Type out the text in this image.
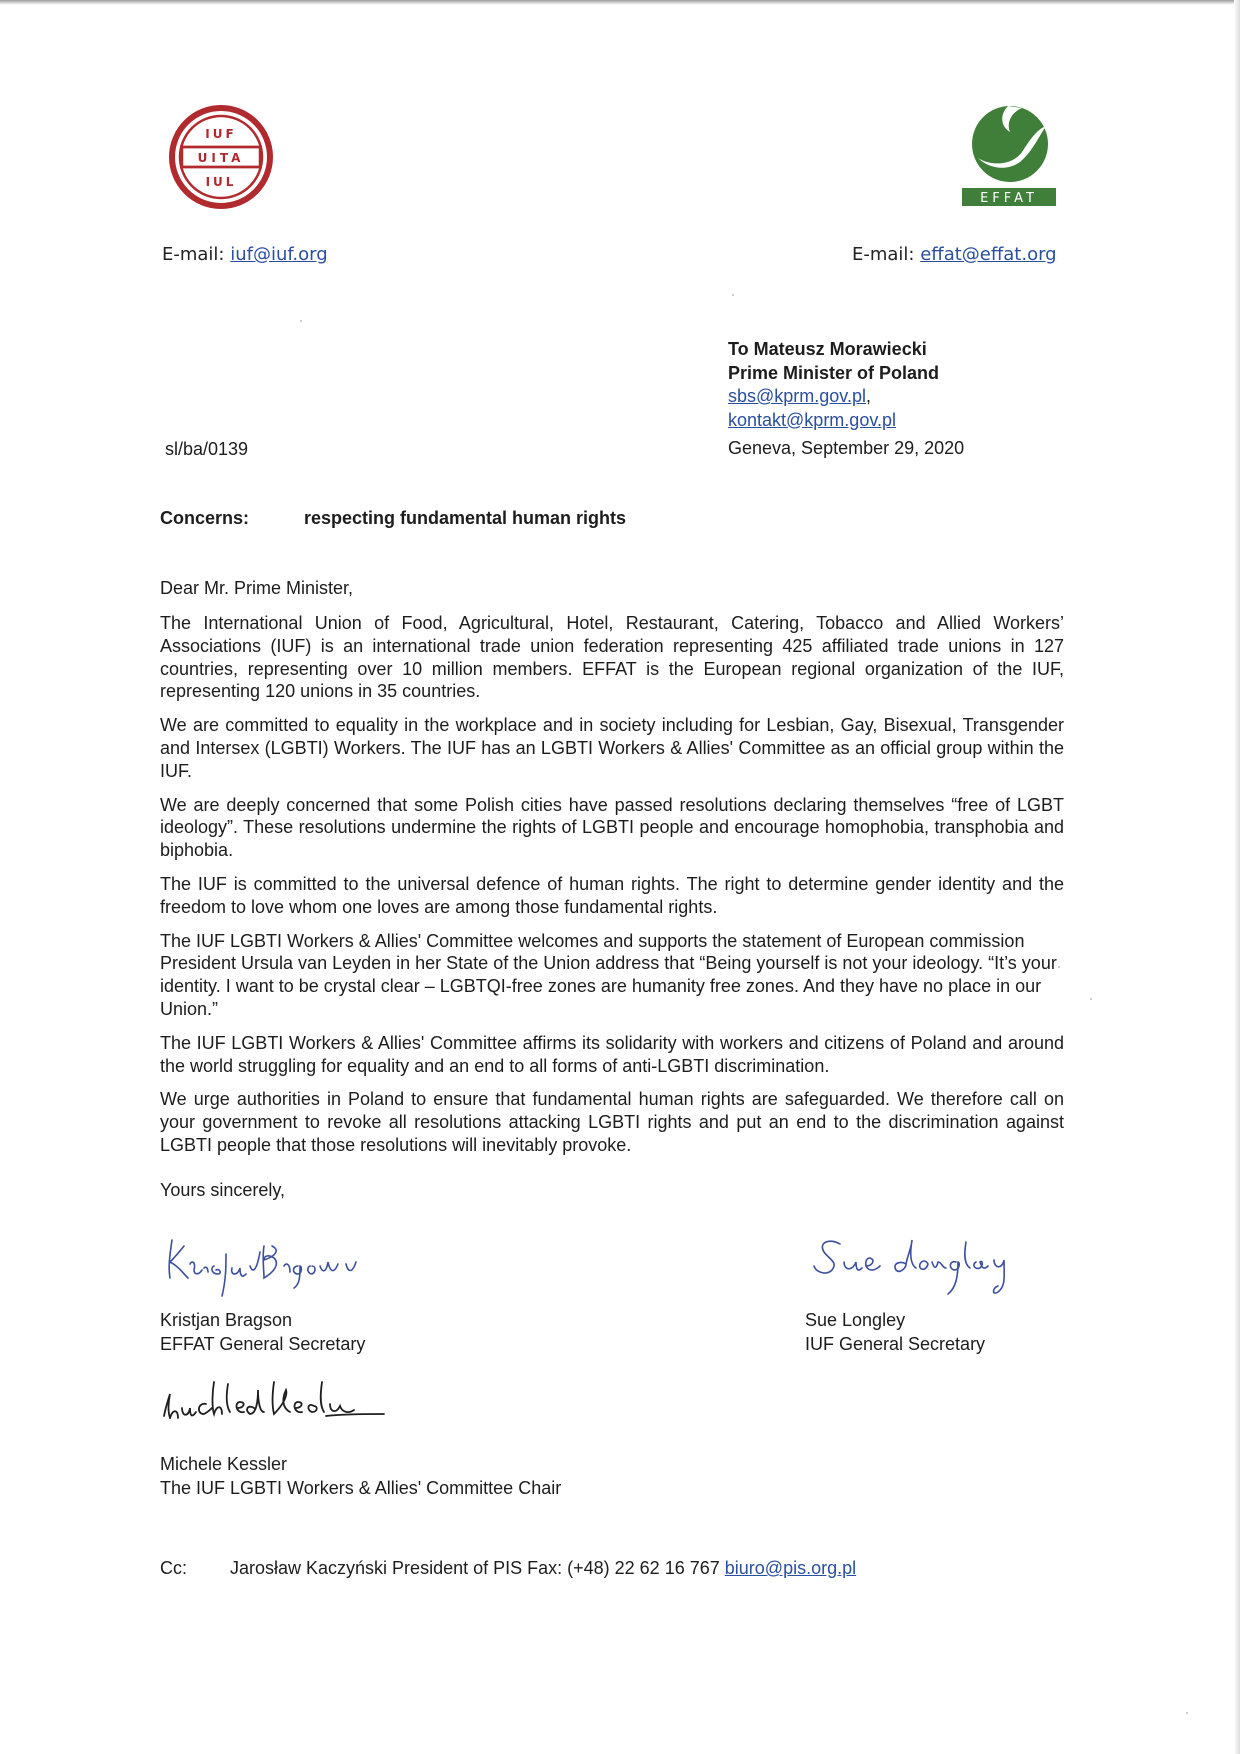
IUF
UITA
IUL
EFFAT
E-mail: iuf@iuf.org	E-mail: effat@effat.org
To Mateusz Morawiecki
Prime Minister of Poland
sbs@kprm.gov.pl,
kontakt@kprm.gov.pl
sl/ba/0139	Geneva, September 29, 2020
Concerns:	respecting fundamental human rights
Dear Mr. Prime Minister,

The International Union of Food, Agricultural, Hotel, Restaurant, Catering, Tobacco and Allied Workers’ Associations (IUF) is an international trade union federation representing 425 affiliated trade unions in 127 countries, representing over 10 million members. EFFAT is the European regional organization of the IUF, representing 120 unions in 35 countries.

We are committed to equality in the workplace and in society including for Lesbian, Gay, Bisexual, Transgender and Intersex (LGBTI) Workers. The IUF has an LGBTI Workers & Allies' Committee as an official group within the IUF.

We are deeply concerned that some Polish cities have passed resolutions declaring themselves “free of LGBT ideology”. These resolutions undermine the rights of LGBTI people and encourage homophobia, transphobia and biphobia.

The IUF is committed to the universal defence of human rights. The right to determine gender identity and the freedom to love whom one loves are among those fundamental rights.

The IUF LGBTI Workers & Allies' Committee welcomes and supports the statement of European commission President Ursula van Leyden in her State of the Union address that “Being yourself is not your ideology. “It’s your identity. I want to be crystal clear – LGBTQI-free zones are humanity free zones. And they have no place in our Union.”

The IUF LGBTI Workers & Allies' Committee affirms its solidarity with workers and citizens of Poland and around the world struggling for equality and an end to all forms of anti-LGBTI discrimination.

We urge authorities in Poland to ensure that fundamental human rights are safeguarded. We therefore call on your government to revoke all resolutions attacking LGBTI rights and put an end to the discrimination against LGBTI people that those resolutions will inevitably provoke.

Yours sincerely,
Kristjan Bragson
EFFAT General Secretary
Sue Longley
IUF General Secretary
Michele Kessler
The IUF LGBTI Workers & Allies' Committee Chair
Cc: Jarosław Kaczyński President of PIS Fax: (+48) 22 62 16 767 biuro@pis.org.pl
